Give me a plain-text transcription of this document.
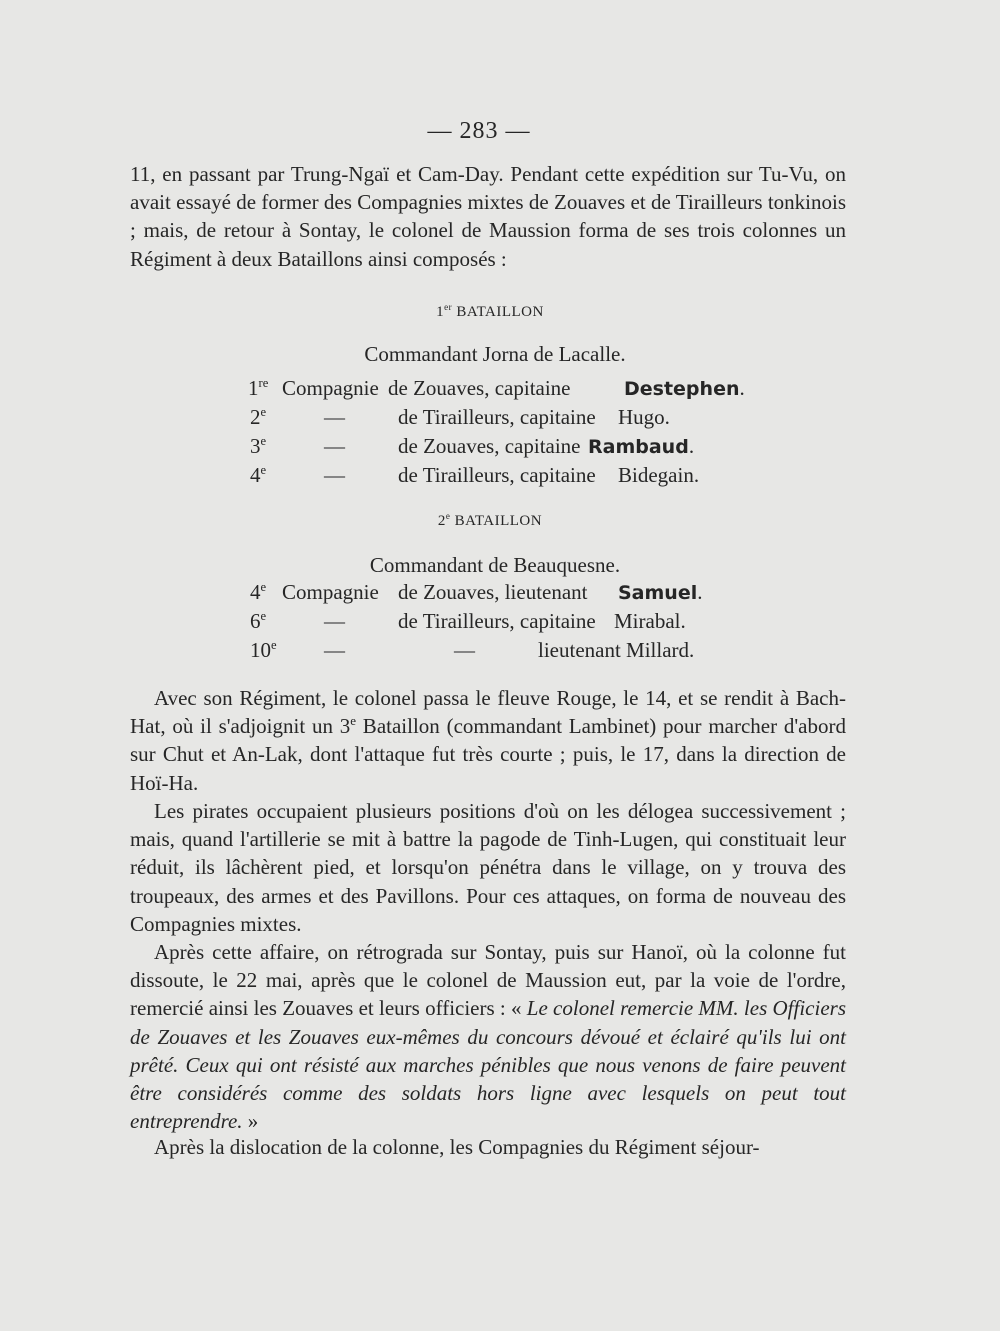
— 283 —

11, en passant par Trung-Ngaï et Cam-Day. Pendant cette expédition sur Tu-Vu, on avait essayé de former des Compagnies mixtes de Zouaves et de Tirailleurs tonkinois ; mais, de retour à Sontay, le colonel de Maussion forma de ses trois colonnes un Régiment à deux Bataillons ainsi composés :

1er BATAILLON
Commandant Jorna de Lacalle.
1re Compagnie de Zouaves, capitaine	Destephen.
2e	—	de Tirailleurs, capitaine Hugo.
3e	—	de Zouaves, capitaine Rambaud.
4e	—	de Tirailleurs, capitaine Bidegain.
2e BATAILLON
Commandant de Beauquesne.
4e Compagnie de Zouaves, lieutenant Samuel.
6e	—	de Tirailleurs, capitaine Mirabal.
10e —	—	lieutenant Millard.

Avec son Régiment, le colonel passa le fleuve Rouge, le 14, et se rendit à Bach-Hat, où il s'adjoignit un 3e Bataillon (commandant Lambinet) pour marcher d'abord sur Chut et An-Lak, dont l'attaque fut très courte ; puis, le 17, dans la direction de Hoï-Ha.

Les pirates occupaient plusieurs positions d'où on les délogea successivement ; mais, quand l'artillerie se mit à battre la pagode de Tinh-Lugen, qui constituait leur réduit, ils lâchèrent pied, et lorsqu'on pénétra dans le village, on y trouva des troupeaux, des armes et des Pavillons. Pour ces attaques, on forma de nouveau des Compagnies mixtes.

Après cette affaire, on rétrograda sur Sontay, puis sur Hanoï, où la colonne fut dissoute, le 22 mai, après que le colonel de Maussion eut, par la voie de l'ordre, remercié ainsi les Zouaves et leurs officiers : « Le colonel remercie MM. les Officiers de Zouaves et les Zouaves eux-mêmes du concours dévoué et éclairé qu'ils lui ont prêté. Ceux qui ont résisté aux marches pénibles que nous venons de faire peuvent être considérés comme des soldats hors ligne avec lesquels on peut tout entreprendre. »

Après la dislocation de la colonne, les Compagnies du Régiment séjour-
